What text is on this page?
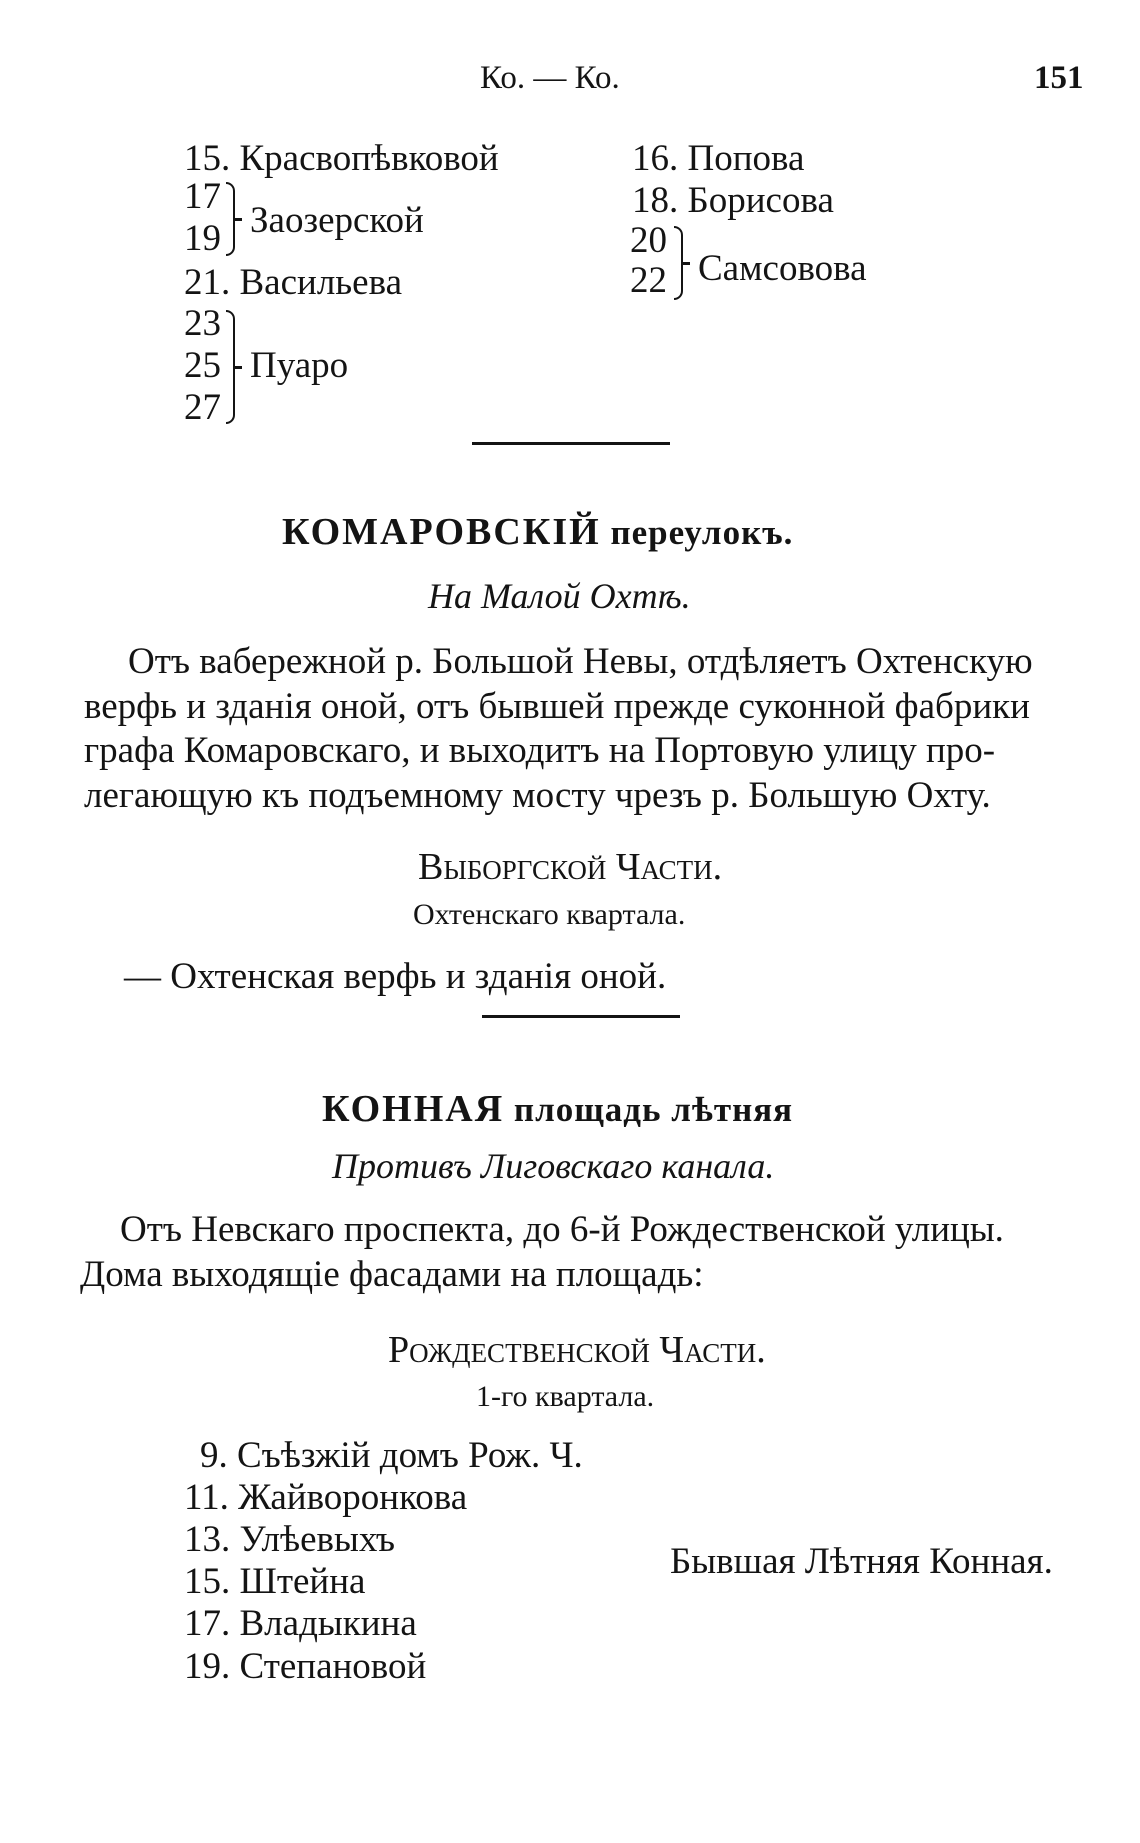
Ко. — Ко.	151
15. Красвопѣвковой
17
19 Заозерской
21. Васильева
23
25
27
Пуаро
16. Попова
18. Борисова
20
22 Самсовова
КОМАРОВСКІЙ переулокъ.
На Малой Охтѣ.
Отъ вабережной р. Большой Невы, отдѣляетъ Охтенскую
верфь и зданія оной, отъ бывшей прежде суконной фабрики
графа Комаровскаго, и выходитъ на Портовую улицу про-
легающую къ подъемному мосту чрезъ р. Большую Охту.
Выборгской Части.
Охтенскаго квартала.
— Охтенская верфь и зданія оной.
КОННАЯ площадь лѣтняя
Противъ Лиговскаго канала.
Отъ Невскаго проспекта, до 6-й Рождественской улицы.
Дома выходящіе фасадами на площадь:
Рождественской Части.
1-го квартала.
9. Съѣзжій домъ Рож. Ч.
11. Жайворонкова
13. Улѣевыхъ
15. Штейна
17. Владыкина
19. Степановой
Бывшая Лѣтняя Конная.
